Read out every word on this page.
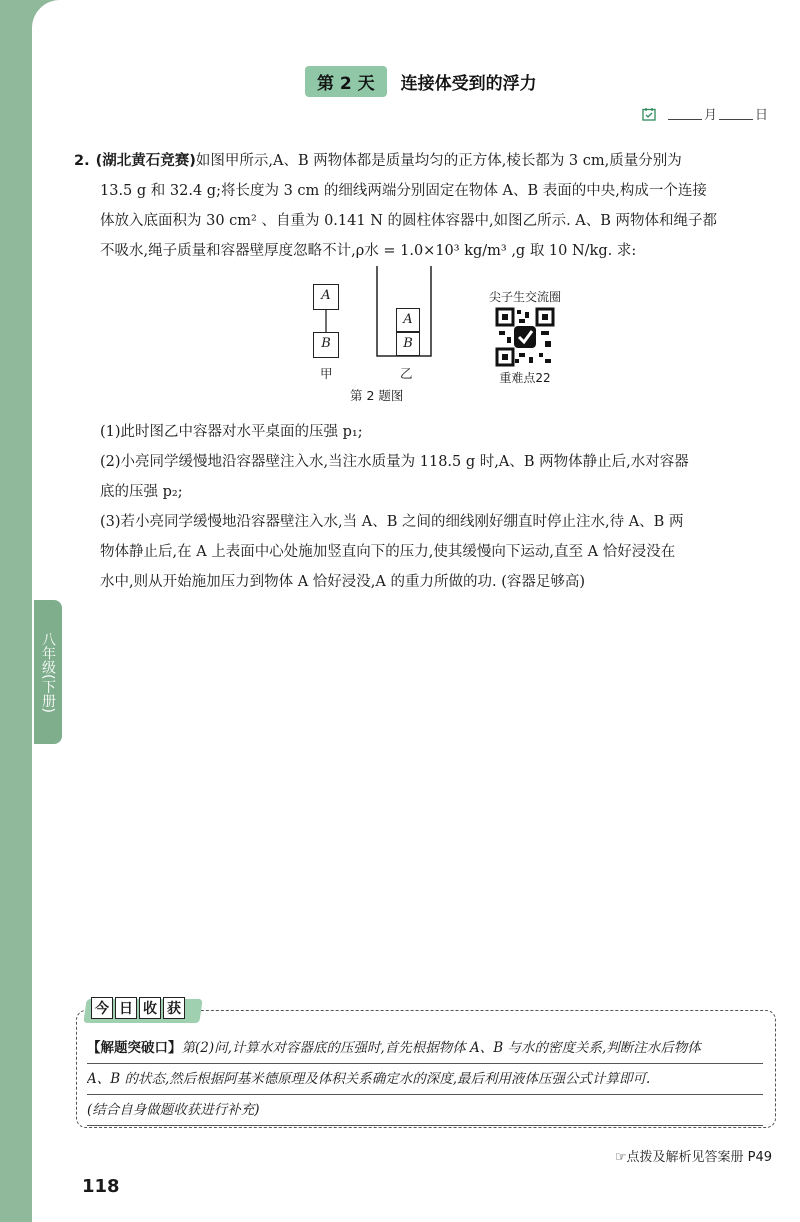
第 2 天	连接体受到的浮力
月	日
2. (湖北黄石竞赛)如图甲所示,A、B 两物体都是质量均匀的正方体,棱长都为 3 cm,质量分别为
13.5 g 和 32.4 g;将长度为 3 cm 的细线两端分别固定在物体 A、B 表面的中央,构成一个连接
体放入底面积为 30 cm² 、自重为 0.141 N 的圆柱体容器中,如图乙所示. A、B 两物体和绳子都
不吸水,绳子质量和容器壁厚度忽略不计,ρ水 = 1.0×10³ kg/m³ ,g 取 10 N/kg. 求:
A
B
甲
A
B
乙
第 2 题图
尖子生交流圈
重难点22

(1)此时图乙中容器对水平桌面的压强 p₁;

(2)小亮同学缓慢地沿容器壁注入水,当注水质量为 118.5 g 时,A、B 两物体静止后,水对容器

底的压强 p₂;

(3)若小亮同学缓慢地沿容器壁注入水,当 A、B 之间的细线刚好绷直时停止注水,待 A、B 两

物体静止后,在 A 上表面中心处施加竖直向下的压力,使其缓慢向下运动,直至 A 恰好浸没在

水中,则从开始施加压力到物体 A 恰好浸没,A 的重力所做的功. (容器足够高)

八年级(下册)
今 日 收 获
【解题突破口】第(2)问,计算水对容器底的压强时,首先根据物体 A、B 与水的密度关系,判断注水后物体
A、B 的状态,然后根据阿基米德原理及体积关系确定水的深度,最后利用液体压强公式计算即可.
(结合自身做题收获进行补充)
☞点拨及解析见答案册 P49
118
